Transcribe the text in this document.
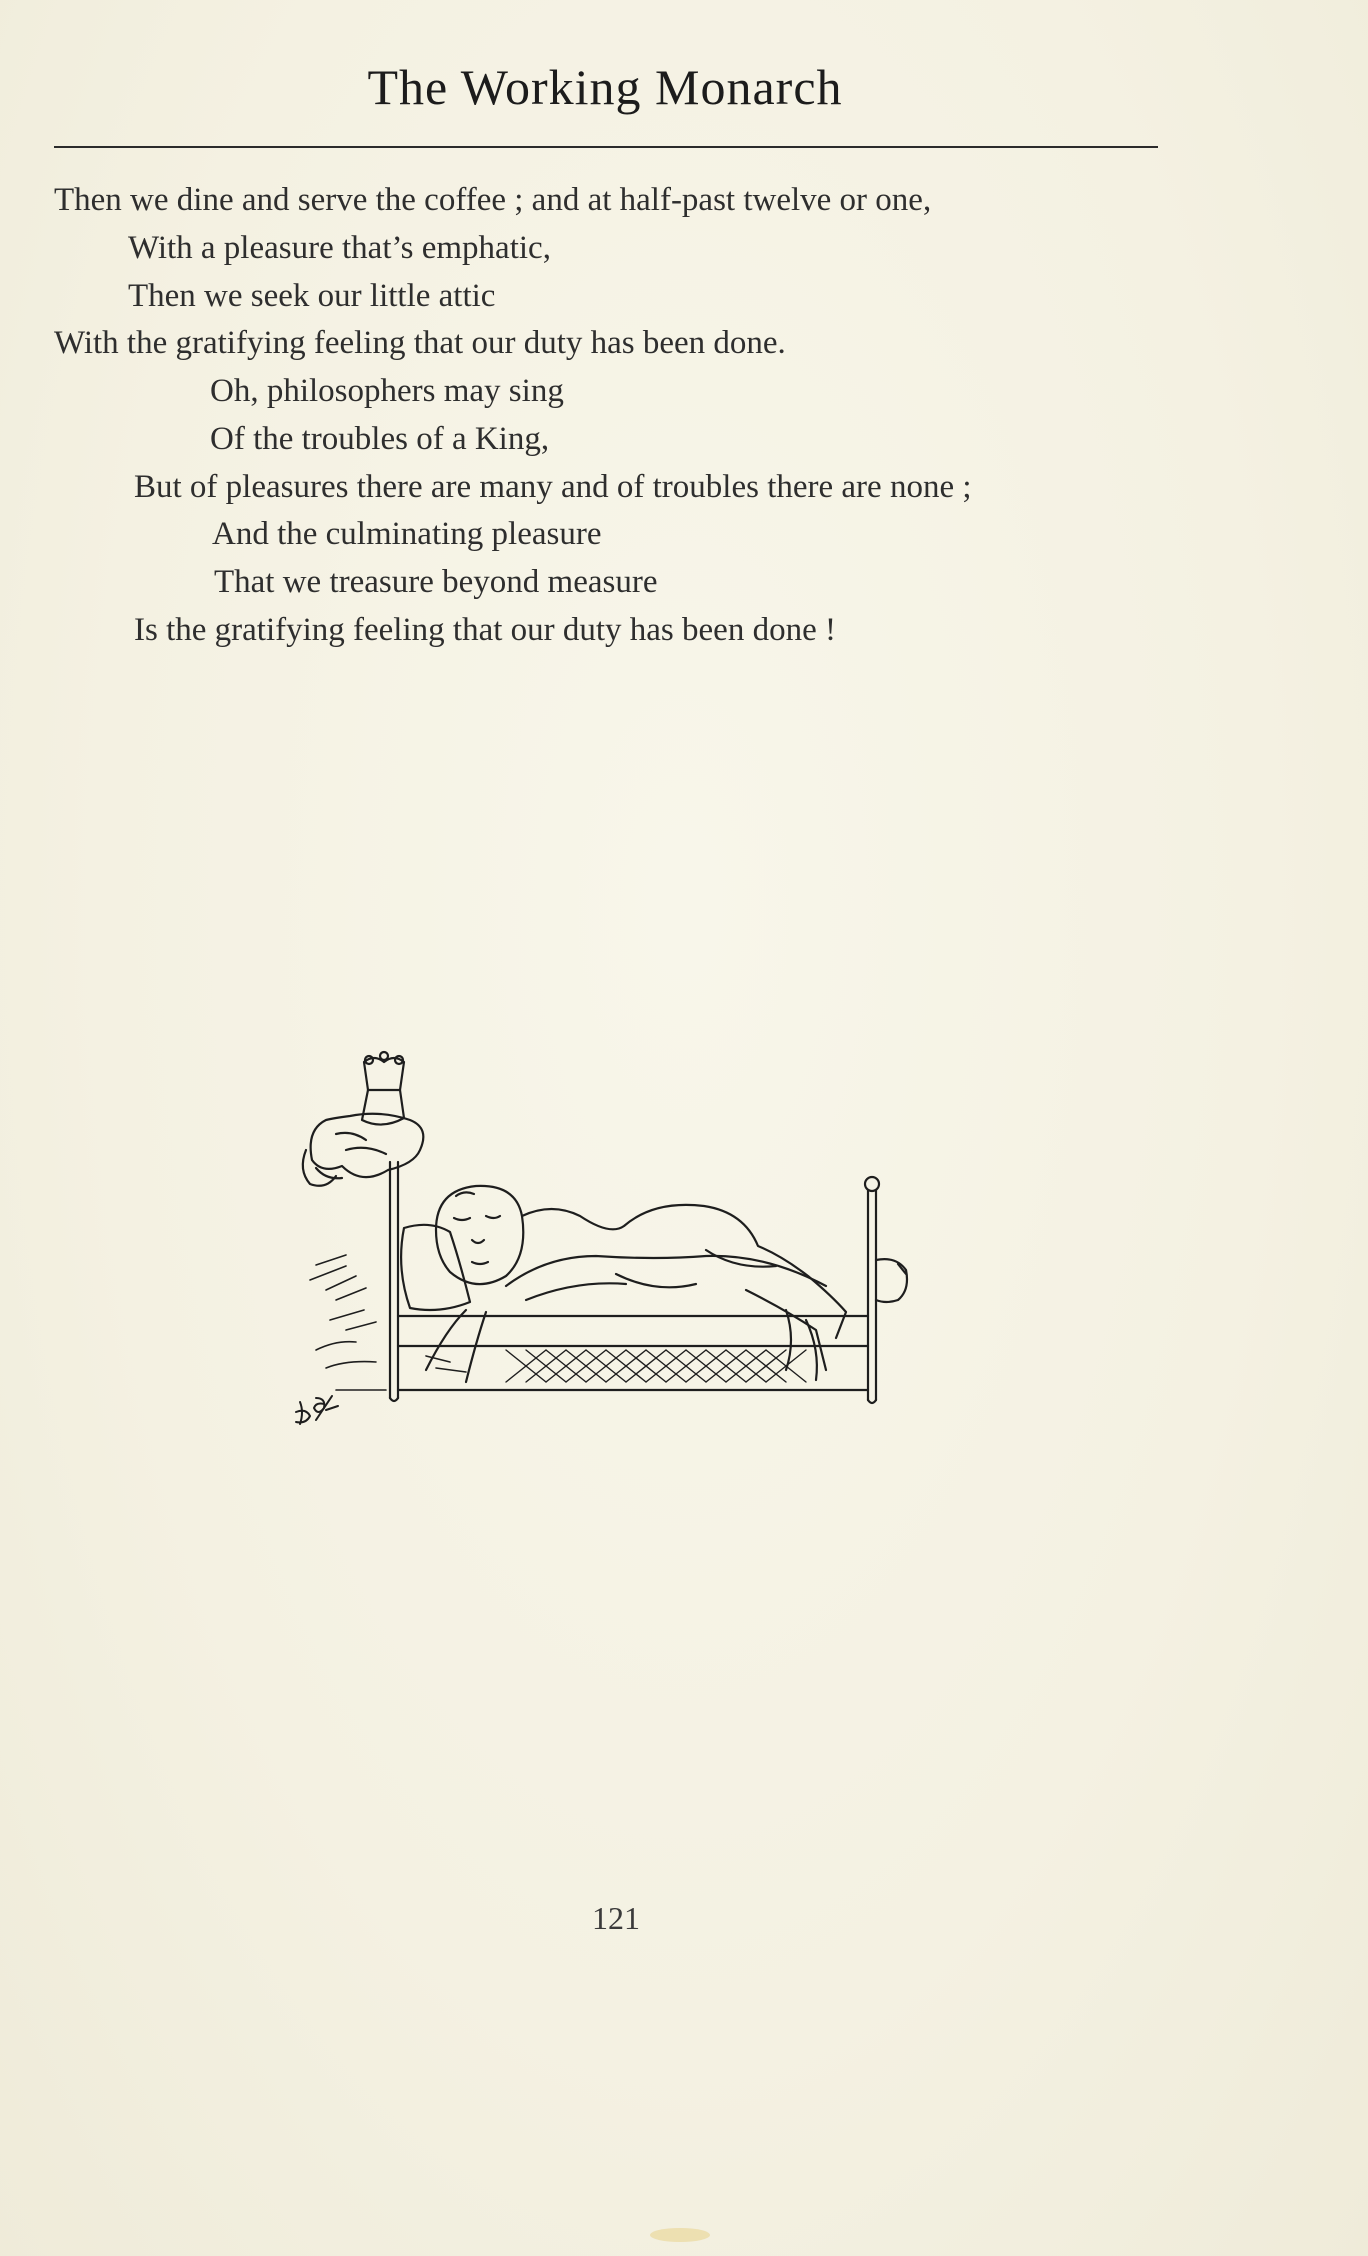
The Working Monarch
Then we dine and serve the coffee ; and at half-past twelve or one,
With a pleasure that’s emphatic,
Then we seek our little attic
With the gratifying feeling that our duty has been done.
Oh, philosophers may sing
Of the troubles of a King,
But of pleasures there are many and of troubles there are none ;
And the culminating pleasure
That we treasure beyond measure
Is the gratifying feeling that our duty has been done !
121
